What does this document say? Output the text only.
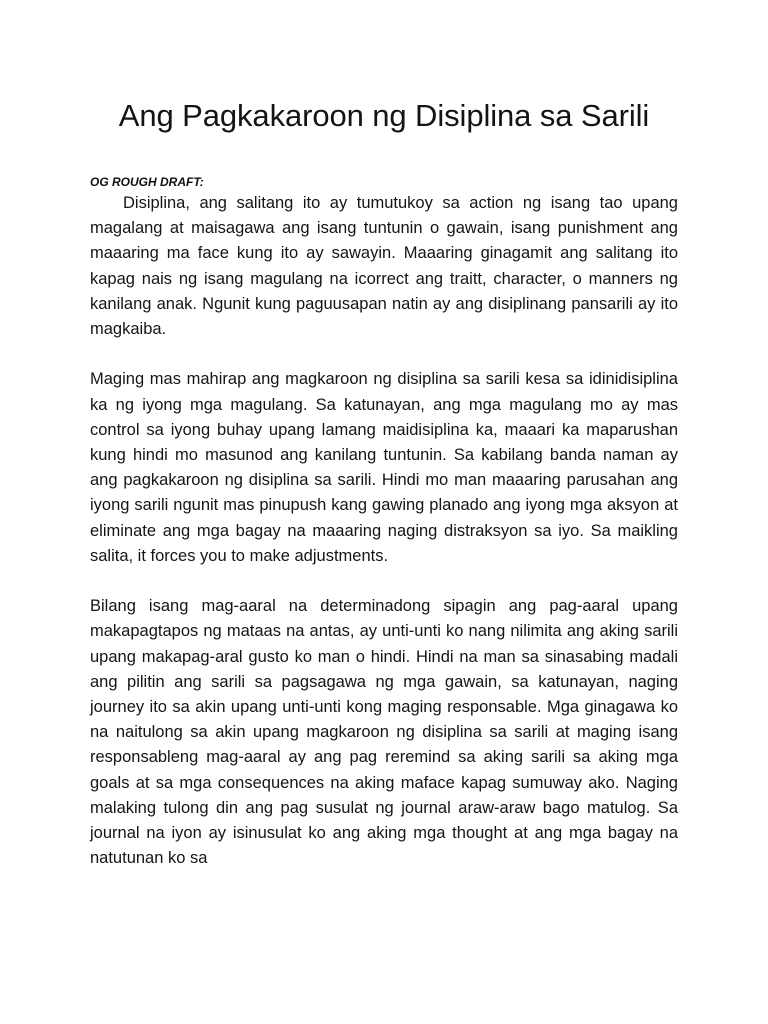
Ang Pagkakaroon ng Disiplina sa Sarili
OG ROUGH DRAFT:

Disiplina, ang salitang ito ay tumutukoy sa action ng isang tao upang magalang at maisagawa ang isang tuntunin o gawain, isang punishment ang maaaring ma face kung ito ay sawayin. Maaaring ginagamit ang salitang ito kapag nais ng isang magulang na icorrect ang traitt, character, o manners ng kanilang anak. Ngunit kung paguusapan natin ay ang disiplinang pansarili ay ito magkaiba.

Maging mas mahirap ang magkaroon ng disiplina sa sarili kesa sa idinidisiplina ka ng iyong mga magulang. Sa katunayan, ang mga magulang mo ay mas control sa iyong buhay upang lamang maidisiplina ka, maaari ka maparushan kung hindi mo masunod ang kanilang tuntunin. Sa kabilang banda naman ay ang pagkakaroon ng disiplina sa sarili. Hindi mo man maaaring parusahan ang iyong sarili ngunit mas pinupush kang gawing planado ang iyong mga aksyon at eliminate ang mga bagay na maaaring naging distraksyon sa iyo. Sa maikling salita, it forces you to make adjustments.

Bilang isang mag-aaral na determinadong sipagin ang pag-aaral upang makapagtapos ng mataas na antas, ay unti-unti ko nang nilimita ang aking sarili upang makapag-aral gusto ko man o hindi. Hindi na man sa sinasabing madali ang pilitin ang sarili sa pagsagawa ng mga gawain, sa katunayan, naging journey ito sa akin upang unti-unti kong maging responsable. Mga ginagawa ko na naitulong sa akin upang magkaroon ng disiplina sa sarili at maging isang responsableng mag-aaral ay ang pag reremind sa aking sarili sa aking mga goals at sa mga consequences na aking maface kapag sumuway ako. Naging malaking tulong din ang pag susulat ng journal araw-araw bago matulog. Sa journal na iyon ay isinusulat ko ang aking mga thought at ang mga bagay na natutunan ko sa
